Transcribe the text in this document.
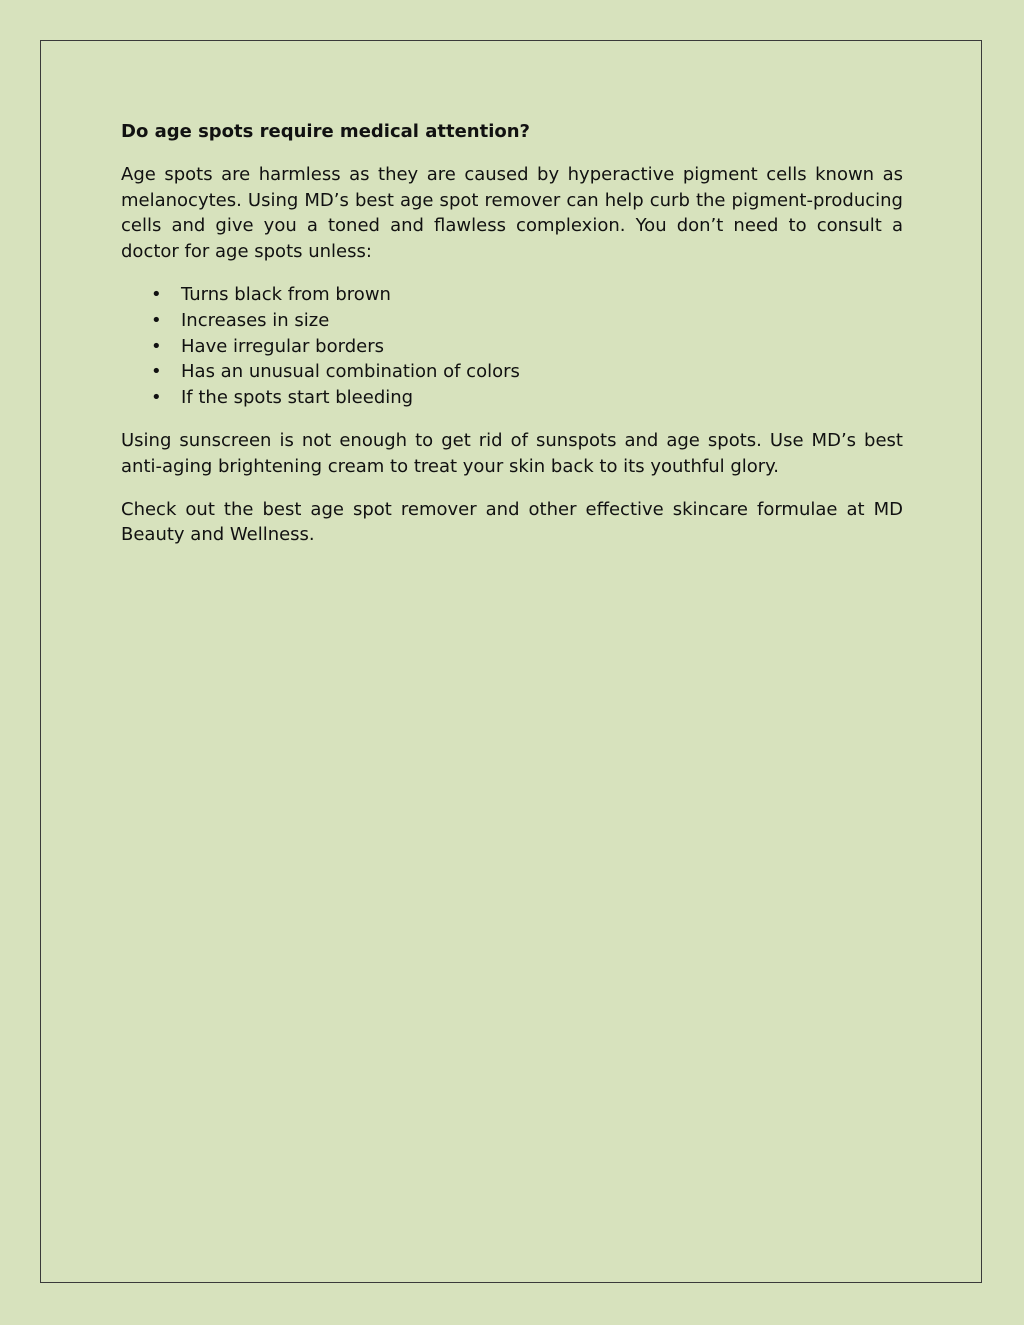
Do age spots require medical attention?

Age spots are harmless as they are caused by hyperactive pigment cells known as melanocytes. Using MD’s best age spot remover can help curb the pigment-producing cells and give you a toned and flawless complexion. You don’t need to consult a doctor for age spots unless:

• Turns black from brown
• Increases in size
• Have irregular borders
• Has an unusual combination of colors
• If the spots start bleeding

Using sunscreen is not enough to get rid of sunspots and age spots. Use MD’s best anti-aging brightening cream to treat your skin back to its youthful glory.

Check out the best age spot remover and other effective skincare formulae at MD Beauty and Wellness.
